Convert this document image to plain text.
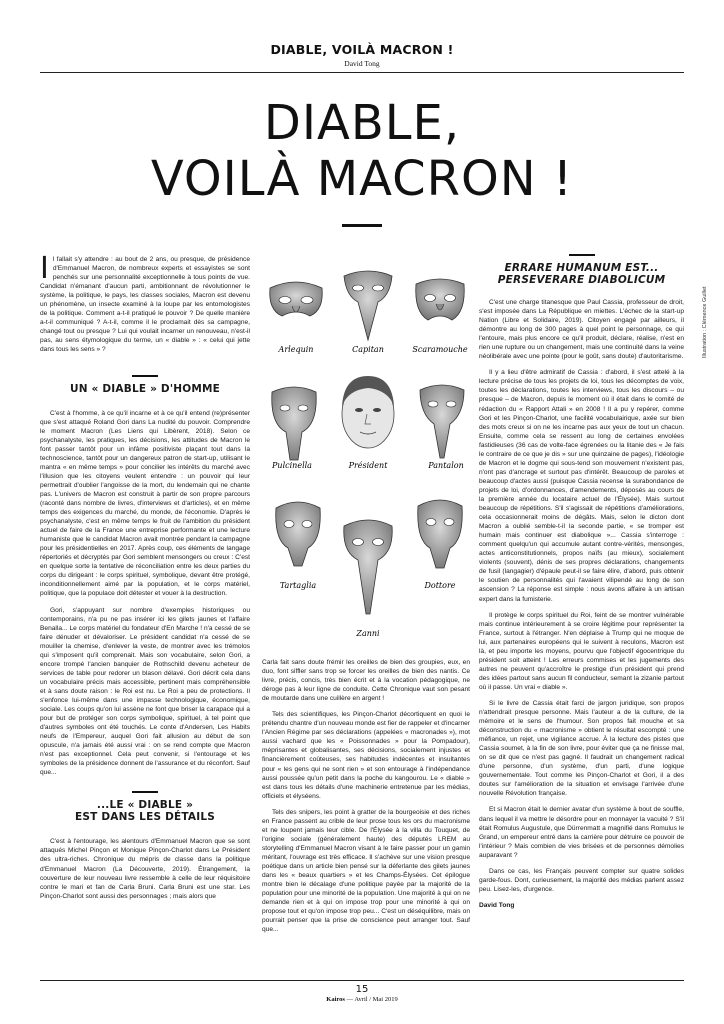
DIABLE, VOILÀ MACRON !
David Tong
DIABLE,
VOILÀ MACRON !

Il fallait s'y attendre : au bout de 2 ans, ou presque, de présidence d'Emmanuel Macron, de nombreux experts et essayistes se sont penchés sur une personnalité exceptionnelle à tous points de vue. Candidat n'émanant d'aucun parti, ambitionnant de révolutionner le système, la politique, le pays, les classes sociales, Macron est devenu un phénomène, un insecte examiné à la loupe par les entomologistes de la politique. Comment a-t-il pratiqué le pouvoir ? De quelle manière a-t-il communiqué ? A-t-il, comme il le proclamait dès sa campagne, changé tout ou presque ? Lui qui voulait incarner un renouveau, n'est-il pas, au sens étymologique du terme, un « diable » : « celui qui jette dans tous les sens » ?

UN « DIABLE » D'HOMME

C'est à l'homme, à ce qu'il incarne et à ce qu'il entend (re)présenter que s'est attaqué Roland Gori dans La nudité du pouvoir. Comprendre le moment Macron (Les Liens qui Libèrent, 2018). Selon ce psychanalyste, les pratiques, les décisions, les attitudes de Macron le font passer tantôt pour un infâme positiviste plaçant tout dans la technoscience, tantôt pour un dangereux patron de start-up, utilisant le mantra « en même temps » pour concilier les intérêts du marché avec l'illusion que les citoyens veulent entendre : un pouvoir qui leur permettrait d'oublier l'angoisse de la mort, du lendemain qui ne chante pas. L'univers de Macron est construit à partir de son propre parcours (raconté dans nombre de livres, d'interviews et d'articles), et en même temps des exigences du marché, du monde, de l'économie. D'après le psychanalyste, c'est en même temps le fruit de l'ambition du président actuel de faire de la France une entreprise performante et une lecture humaniste que le candidat Macron avait montrée pendant la campagne pour les présidentielles en 2017. Après coup, ces éléments de langage répertoriés et décryptés par Gori semblent mensongers ou creux : C'est en quelque sorte la tentative de réconciliation entre les deux parties du corps du dirigeant : le corps spirituel, symbolique, devant être protégé, inconditionnellement aimé par la population, et le corps matériel, politique, que la populace doit détester et vouer à la destruction.

Gori, s'appuyant sur nombre d'exemples historiques ou contemporains, n'a pu ne pas insérer ici les gilets jaunes et l'affaire Benalla... Le corps matériel du fondateur d'En Marche ! n'a cessé de se faire dénuder et dévaloriser. Le président candidat n'a cessé de se mouiller la chemise, d'enlever la veste, de montrer avec les trémolos qui s'imposent qu'il comprenait. Mais son vocabulaire, selon Gori, a encore trompé l'ancien banquier de Rothschild devenu acheteur de services de table pour redorer un blason délavé. Gori décrit cela dans un vocabulaire précis mais accessible, pertinent mais compréhensible et à sans doute raison : le Roi est nu. Le Roi a peu de protections. Il s'enfonce lui-même dans une impasse technologique, économique, sociale. Les coups qu'on lui assène ne font que briser la carapace qui a pour but de protéger son corps symbolique, spirituel, à tel point que d'autres symboles ont été touchés. Le conte d'Andersen, Les Habits neufs de l'Empereur, auquel Gori fait allusion au début de son opuscule, n'a jamais été aussi vrai : on se rend compte que Macron n'est pas exceptionnel. Cela peut convenir, si l'entourage et les symboles de la présidence donnent de l'assurance et du réconfort. Sauf que...

...LE « DIABLE »
EST DANS LES DÉTAILS

C'est à l'entourage, les alentours d'Emmanuel Macron que se sont attaqués Michel Pinçon et Monique Pinçon-Charlot dans Le Président des ultra-riches. Chronique du mépris de classe dans la politique d'Emmanuel Macron (La Découverte, 2019). Étrangement, la couverture de leur nouveau livre ressemble à celle de leur réquisitoire contre le mari et fan de Carla Bruni. Carla Bruni est une star. Les Pinçon-Charlot sont aussi des personnages ; mais alors que

Arlequin	Capitan	Scaramouche
Pulcinella	Président	Pantalon
Tartaglia	Dottore
Zanni
Illustration : Clémence Guillet

Carla fait sans doute frémir les oreilles de bien des groupies, eux, en duo, font siffler sans trop se forcer les oreilles de bien des nantis. Ce livre, précis, concis, très bien écrit et à la vocation pédagogique, ne déroge pas à leur ligne de conduite. Cette Chronique vaut son pesant de moutarde dans une cuillère en argent !

Tels des scientifiques, les Pinçon-Charlot décortiquent en quoi le prétendu chantre d'un nouveau monde est fier de rappeler et d'incarner l'Ancien Régime par ses déclarations (appelées « macronades »), mot aussi vachard que les « Poissonnades » pour la Pompadour), méprisantes et globalisantes, ses décisions, socialement injustes et financièrement coûteuses, ses habitudes indécentes et insultantes pour « les gens qui ne sont rien » et son entourage à l'indépendance aussi poussée qu'un petit dans la poche du kangourou. Le « diable » est dans tous les détails d'une machinerie entretenue par les médias, officiels et élyséens.

Tels des snipers, les point à gratter de la bourgeoisie et des riches en France passent au crible de leur prose tous les ors du macronisme et ne loupent jamais leur cible. De l'Élysée à la villa du Touquet, de l'origine sociale (généralement haute) des députés LREM au storytelling d'Emmanuel Macron visant à le faire passer pour un gamin méritant, l'ouvrage est très efficace. Il s'achève sur une vision presque poétique dans un article bien pensé sur la déferlante des gilets jaunes dans les « beaux quartiers » et les Champs-Élysées. Cet épilogue montre bien le décalage d'une politique payée par la majorité de la population pour une minorité de la population. Une majorité à qui on ne demande rien et à qui on impose trop pour une minorité à qui on propose tout et qu'on impose trop peu... C'est un déséquilibre, mais on pourrait penser que la prise de conscience peut arranger tout. Sauf que...

ERRARE HUMANUM EST...
PERSEVERARE DIABOLICUM

C'est une charge titanesque que Paul Cassia, professeur de droit, s'est imposée dans La République en miettes. L'échec de la start-up Nation (Libre et Solidaire, 2019). Citoyen engagé par ailleurs, il démontre au long de 300 pages à quel point le personnage, ce qui l'entoure, mais plus encore ce qu'il produit, déclare, réalise, n'est en rien une rupture ou un changement, mais une continuité dans la veine néolibérale avec une pointe (pour le goût, sans doute) d'autoritarisme.

Il y a lieu d'être admiratif de Cassia : d'abord, il s'est attelé à la lecture précise de tous les projets de loi, tous les décomptes de voix, toutes les déclarations, toutes les interviews, tous les discours – ou presque – de Macron, depuis le moment où il était dans le comité de rédaction du « Rapport Attali » en 2008 ! Il a pu y repérer, comme Gori et les Pinçon-Charlot, une facilité vocabulairique, axée sur bien des mots creux si on ne les incarne pas aux yeux de tout un chacun. Ensuite, comme cela se ressent au long de certaines envolées fastidieuses (36 cas de volte-face égrenées ou la litanie des « Je fais le contraire de ce que je dis » sur une quinzaine de pages), l'idéologie de Macron et le dogme qui sous-tend son mouvement n'existent pas, n'ont pas d'ancrage et surtout pas d'intérêt. Beaucoup de paroles et beaucoup d'actes aussi (puisque Cassia recense la surabondance de projets de loi, d'ordonnances, d'amendements, déposés au cours de la première année du locataire actuel de l'Élysée). Mais surtout beaucoup de répétitions. S'il s'agissait de répétitions d'améliorations, cela occasionnerait moins de dégâts. Mais, selon le dicton dont Macron a oublié semble-t-il la seconde partie, « se tromper est humain mais continuer est diabolique »... Cassia s'interroge : comment quelqu'un qui accumule autant contre-vérités, mensonges, actes anticonstitutionnels, propos naïfs (au mieux), socialement violents (souvent), dénis de ses propres déclarations, changements de fusil (langagier) d'épaule peut-il se faire élire, d'abord, puis obtenir le soutien de personnalités qui l'avaient vilipendé au long de son ascension ? La réponse est simple : nous avons affaire à un artisan expert dans la fumisterie.

Il protège le corps spirituel du Roi, feint de se montrer vulnérable mais continue intérieurement à se croire légitime pour représenter la France, surtout à l'étranger. N'en déplaise à Trump qui ne moque de lui, aux partenaires européens qui le suivent à reculons, Macron est là, et peu importe les moyens, pourvu que l'objectif égocentrique du président soit atteint ! Les erreurs commises et les jugements des autres ne peuvent qu'accroître le prestige d'un président qui prend des idées partout sans aucun fil conducteur, semant la zizanie partout où il passe. Un vrai « diable ».

Si le livre de Cassia était farci de jargon juridique, son propos n'attendrait presque personne. Mais l'auteur a de la culture, de la mémoire et le sens de l'humour. Son propos fait mouche et sa déconstruction du « macronisme » obtient le résultat escompté : une méfiance, un rejet, une vigilance accrue. À la lecture des pistes que Cassia soumet, à la fin de son livre, pour éviter que ça ne finisse mal, on se dit que ce n'est pas gagné. Il faudrait un changement radical d'une personne, d'un système, d'un parti, d'une logique gouvernementale. Tout comme les Pinçon-Charlot et Gori, il a des doutes sur l'amélioration de la situation et envisage l'arrivée d'une nouvelle Révolution française.

Et si Macron était le dernier avatar d'un système à bout de souffle, dans lequel il va mettre le désordre pour en monnayer la vacuité ? S'il était Romulus Augustule, que Dürrenmatt a magnifié dans Romulus le Grand, un empereur entré dans la carrière pour détruire ce pouvoir de l'intérieur ? Mais combien de vies brisées et de personnes démolies auparavant ?

Dans ce cas, les Français peuvent compter sur quatre solides garde-fous. Dont, curieusement, la majorité des médias parlent assez peu. Lisez-les, d'urgence.

David Tong
15
Kairos — Avril / Mai 2019
